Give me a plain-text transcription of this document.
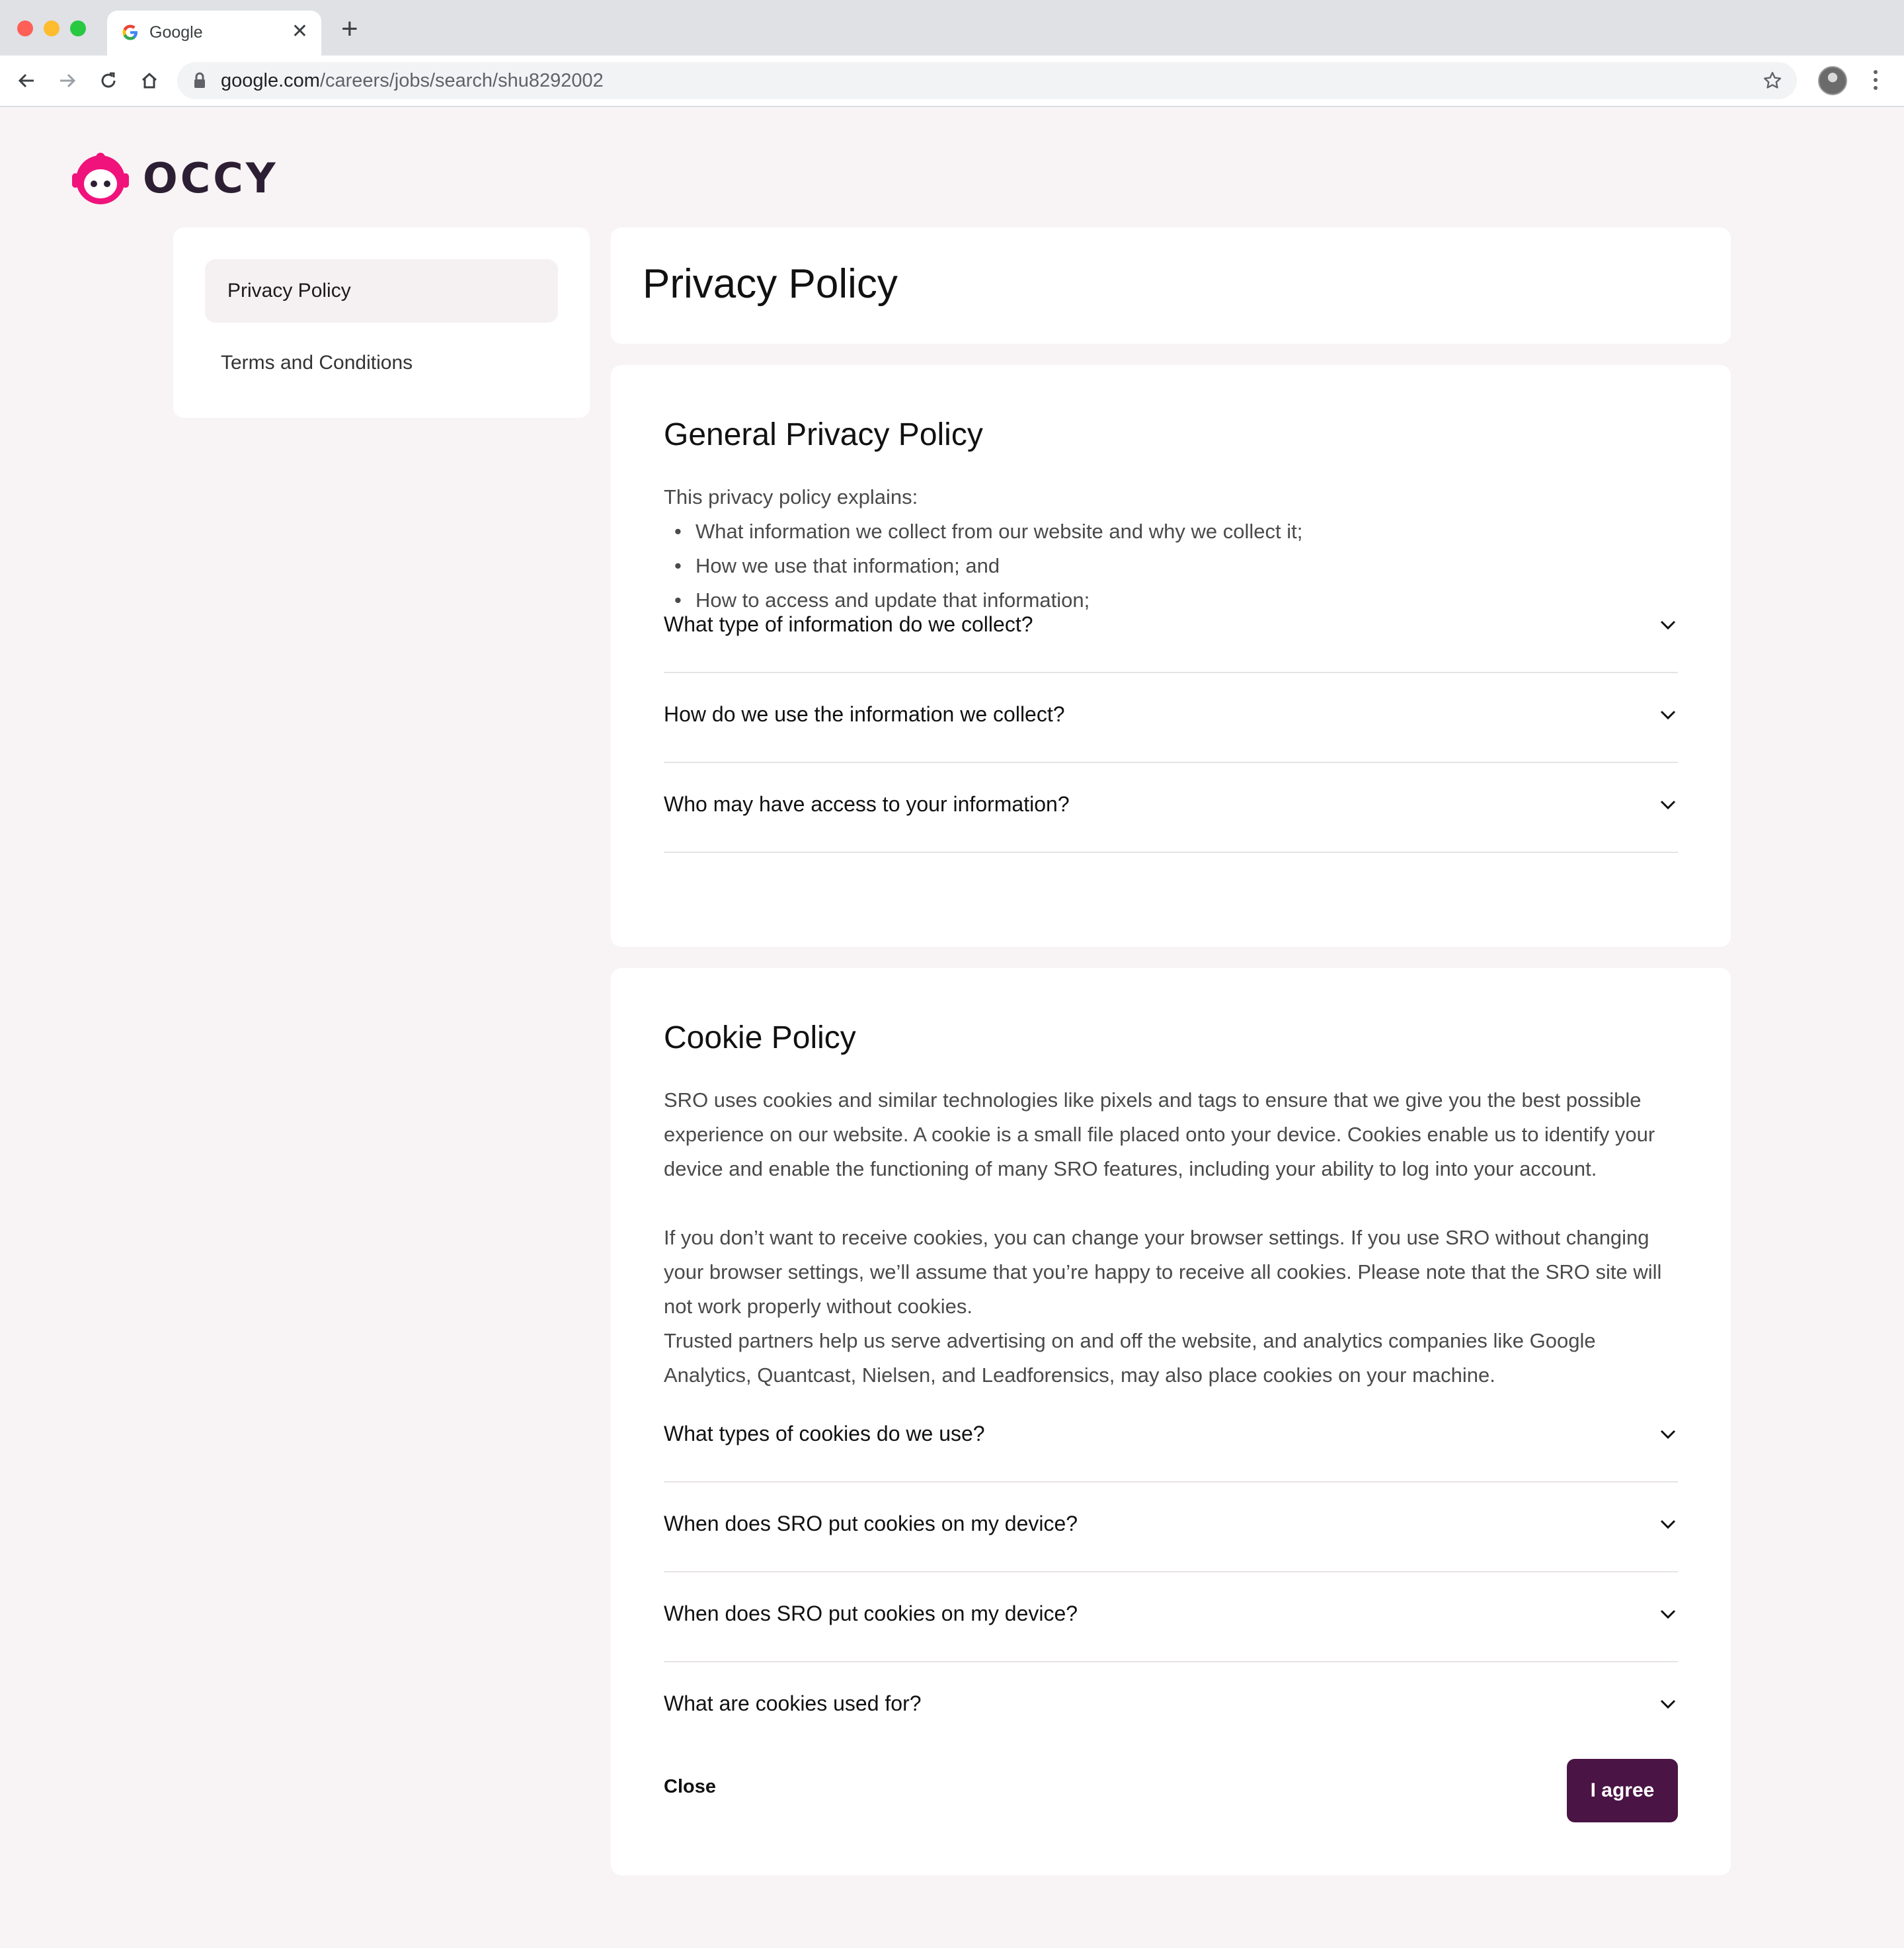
Google	✕ +
google.com/careers/jobs/search/shu8292002
OCCY
Privacy Policy
Terms and Conditions
Privacy Policy
General Privacy Policy

This privacy policy explains:

• What information we collect from our website and why we collect it;
• How we use that information; and
• How to access and update that information;
What type of information do we collect?
How do we use the information we collect?
Who may have access to your information?
Cookie Policy

SRO uses cookies and similar technologies like pixels and tags to ensure that we give you the best possible experience on our website. A cookie is a small file placed onto your device. Cookies enable us to identify your device and enable the functioning of many SRO features, including your ability to log into your account.

If you don’t want to receive cookies, you can change your browser settings. If you use SRO without changing your browser settings, we’ll assume that you’re happy to receive all cookies. Please note that the SRO site will not work properly without cookies.

Trusted partners help us serve advertising on and off the website, and analytics companies like Google Analytics, Quantcast, Nielsen, and Leadforensics, may also place cookies on your machine.

What types of cookies do we use?
When does SRO put cookies on my device?
When does SRO put cookies on my device?
What are cookies used for?
Close	I agree
